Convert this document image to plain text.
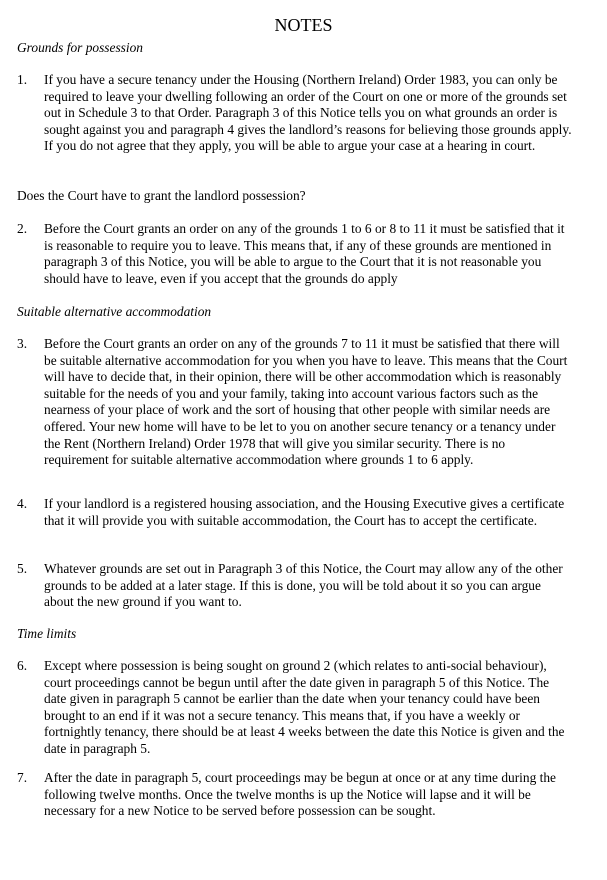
NOTES
Grounds for possession
1. If you have a secure tenancy under the Housing (Northern Ireland) Order 1983, you can only be required to leave your dwelling following an order of the Court on one or more of the grounds set out in Schedule 3 to that Order. Paragraph 3 of this Notice tells you on what grounds an order is sought against you and paragraph 4 gives the landlord’s reasons for believing those grounds apply. If you do not agree that they apply, you will be able to argue your case at a hearing in court.
Does the Court have to grant the landlord possession?
2. Before the Court grants an order on any of the grounds 1 to 6 or 8 to 11 it must be satisfied that it is reasonable to require you to leave. This means that, if any of these grounds are mentioned in paragraph 3 of this Notice, you will be able to argue to the Court that it is not reasonable you should have to leave, even if you accept that the grounds do apply
Suitable alternative accommodation
3. Before the Court grants an order on any of the grounds 7 to 11 it must be satisfied that there will be suitable alternative accommodation for you when you have to leave. This means that the Court will have to decide that, in their opinion, there will be other accommodation which is reasonably suitable for the needs of you and your family, taking into account various factors such as the nearness of your place of work and the sort of housing that other people with similar needs are offered. Your new home will have to be let to you on another secure tenancy or a tenancy under the Rent (Northern Ireland) Order 1978 that will give you similar security. There is no requirement for suitable alternative accommodation where grounds 1 to 6 apply.
4. If your landlord is a registered housing association, and the Housing Executive gives a certificate that it will provide you with suitable accommodation, the Court has to accept the certificate.
5. Whatever grounds are set out in Paragraph 3 of this Notice, the Court may allow any of the other grounds to be added at a later stage. If this is done, you will be told about it so you can argue about the new ground if you want to.
Time limits
6. Except where possession is being sought on ground 2 (which relates to anti-social behaviour), court proceedings cannot be begun until after the date given in paragraph 5 of this Notice. The date given in paragraph 5 cannot be earlier than the date when your tenancy could have been brought to an end if it was not a secure tenancy. This means that, if you have a weekly or fortnightly tenancy, there should be at least 4 weeks between the date this Notice is given and the date in paragraph 5.
7. After the date in paragraph 5, court proceedings may be begun at once or at any time during the following twelve months. Once the twelve months is up the Notice will lapse and it will be necessary for a new Notice to be served before possession can be sought.
